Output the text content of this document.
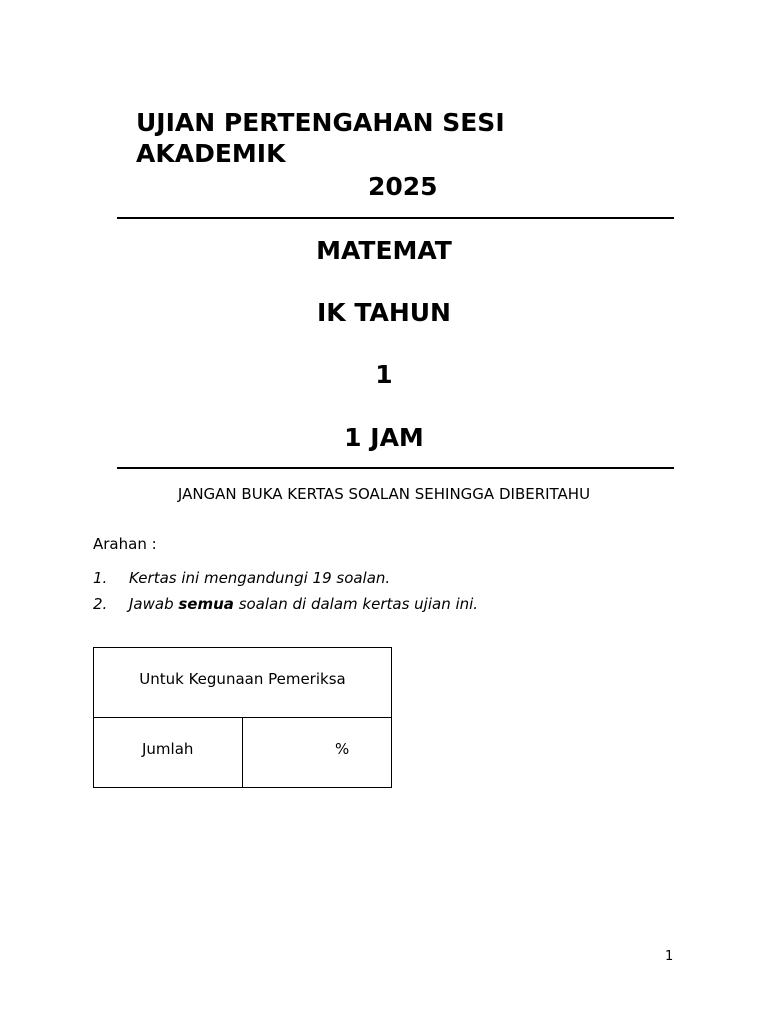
UJIAN PERTENGAHAN SESI
AKADEMIK
2025
MATEMAT
IK TAHUN
1
1 JAM
JANGAN BUKA KERTAS SOALAN SEHINGGA DIBERITAHU
Arahan :
1. Kertas ini mengandungi 19 soalan.
2. Jawab semua soalan di dalam kertas ujian ini.
Untuk Kegunaan Pemeriksa
Jumlah	%
1
